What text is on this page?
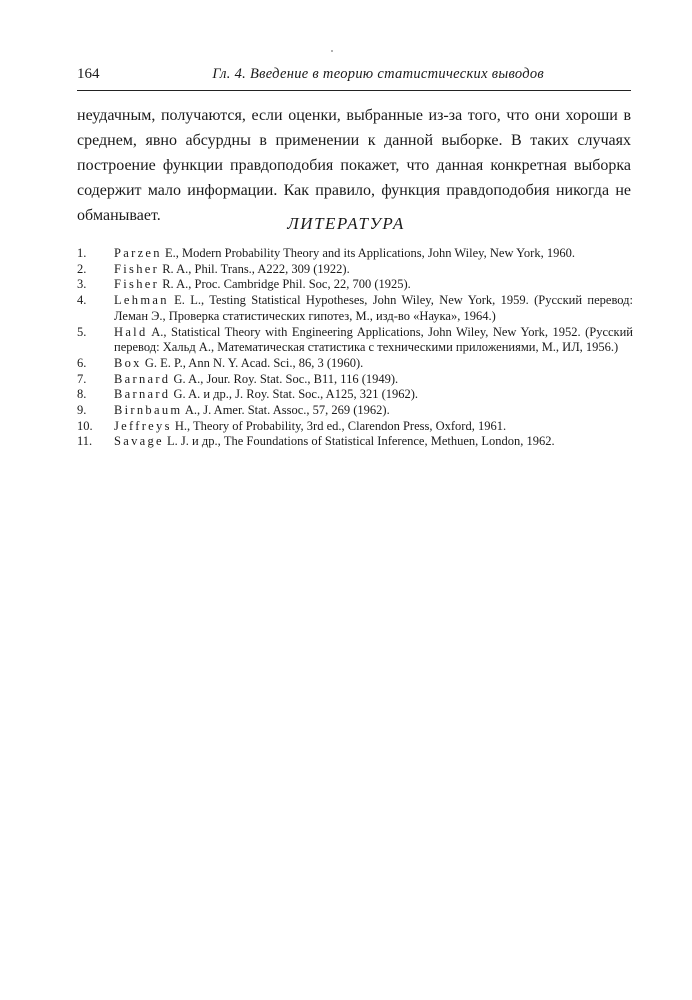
164	Гл. 4. Введение в теорию статистических выводов

неудачным, получаются, если оценки, выбранные из-за того, что они хороши в среднем, явно абсурдны в применении к данной выборке. В таких случаях построение функции правдоподобия покажет, что данная конкретная выборка содержит мало информации. Как правило, функция правдоподобия никогда не обманывает.	ЛИТЕРАТУРА
1.	Parzen E., Modern Probability Theory and its Applications, John Wiley, New York, 1960.
2.	Fisher R. A., Phil. Trans., A222, 309 (1922).
3.	Fisher R. A., Proc. Cambridge Phil. Soc, 22, 700 (1925).
4.	Lehman E. L., Testing Statistical Hypotheses, John Wiley, New York, 1959. (Русский перевод: Леман Э., Проверка статистических гипотез, М., изд-во «Наука», 1964.)
5.	Hald A., Statistical Theory with Engineering Applications, John Wiley, New York, 1952. (Русский перевод: Хальд А., Математическая статистика с техническими приложениями, М., ИЛ, 1956.)
6.	Box G. E. P., Ann N. Y. Acad. Sci., 86, 3 (1960).
7.	Barnard G. A., Jour. Roy. Stat. Soc., B11, 116 (1949).
8.	Barnard G. A. и др., J. Roy. Stat. Soc., A125, 321 (1962).
9.	Birnbaum A., J. Amer. Stat. Assoc., 57, 269 (1962).
10.	Jeffreys H., Theory of Probability, 3rd ed., Clarendon Press, Oxford, 1961.
11.	Savage L. J. и др., The Foundations of Statistical Inference, Methuen, London, 1962.
